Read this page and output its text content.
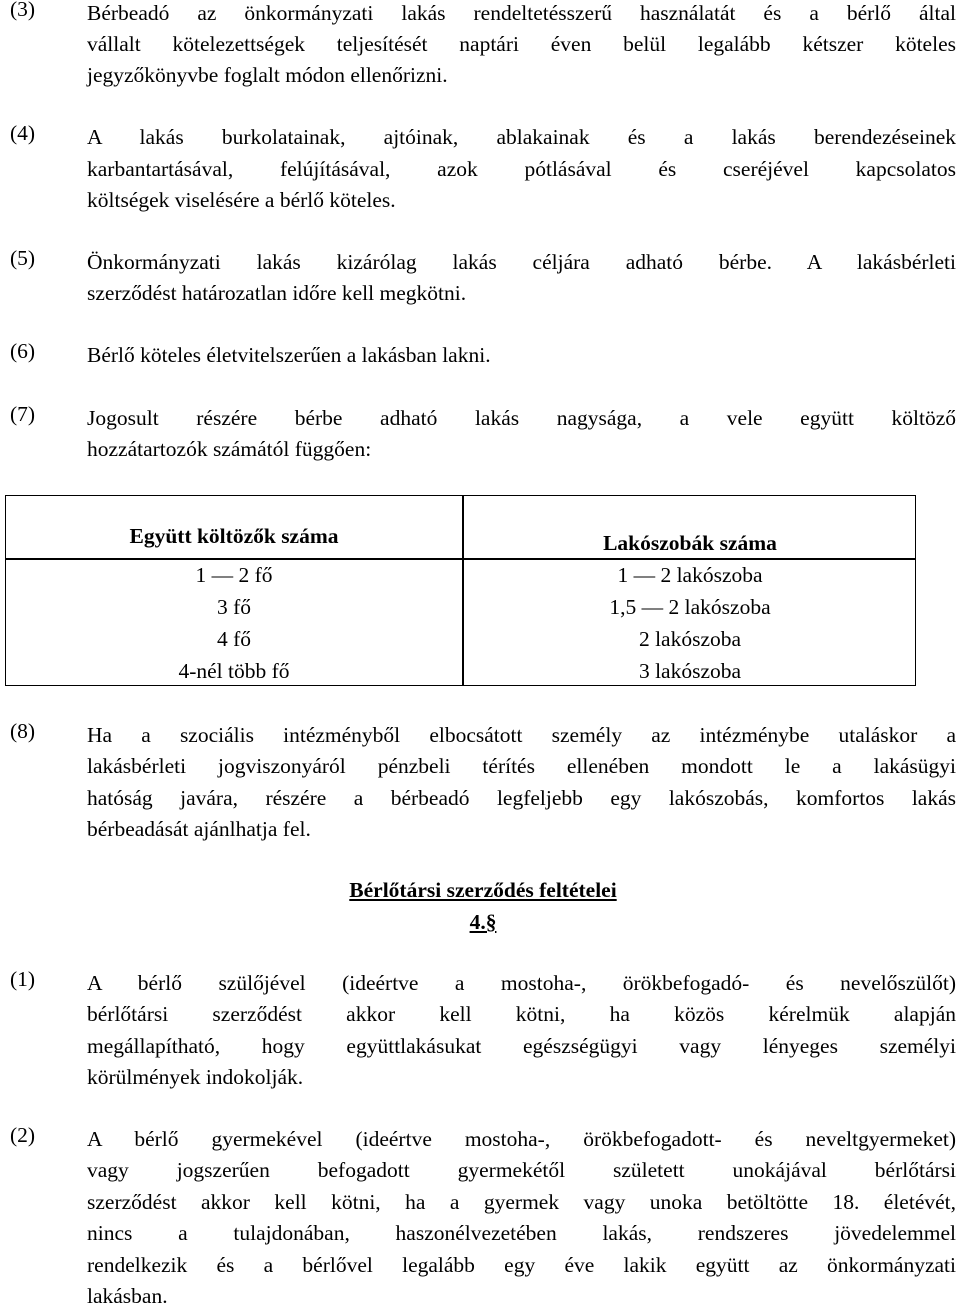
(3)	Bérbeadó az önkormányzati lakás rendeltetésszerű használatát és a bérlő által
vállalt kötelezettségek teljesítését naptári éven belül legalább kétszer köteles
jegyzőkönyvbe foglalt módon ellenőrizni.
(4)	A lakás burkolatainak, ajtóinak, ablakainak és a lakás berendezéseinek
karbantartásával, felújításával, azok pótlásával és cseréjével kapcsolatos
költségek viselésére a bérlő köteles.
(5)	Önkormányzati lakás kizárólag lakás céljára adható bérbe. A lakásbérleti
szerződést határozatlan időre kell megkötni.
(6)	Bérlő köteles életvitelszerűen a lakásban lakni.
(7)	Jogosult részére bérbe adható lakás nagysága, a vele együtt költöző
hozzátartozók számától függően:
Együtt költözők száma	Lakószobák száma
1 — 2 fő	1 — 2 lakószoba
3 fő	1,5 — 2 lakószoba
4 fő	2 lakószoba
4-nél több fő	3 lakószoba
(8)	Ha a szociális intézményből elbocsátott személy az intézménybe utaláskor a
lakásbérleti jogviszonyáról pénzbeli térítés ellenében mondott le a lakásügyi
hatóság javára, részére a bérbeadó legfeljebb egy lakószobás, komfortos lakás
bérbeadását ajánlhatja fel.
Bérlőtársi szerződés feltételei
4.§
(1)	A bérlő szülőjével (ideértve a mostoha-, örökbefogadó- és nevelőszülőt)
bérlőtársi szerződést akkor kell kötni, ha közös kérelmük alapján
megállapítható, hogy együttlakásukat egészségügyi vagy lényeges személyi
körülmények indokolják.
(2)	A bérlő gyermekével (ideértve mostoha-, örökbefogadott- és neveltgyermeket)
vagy jogszerűen befogadott gyermekétől született unokájával bérlőtársi
szerződést akkor kell kötni, ha a gyermek vagy unoka betöltötte 18. életévét,
nincs a tulajdonában, haszonélvezetében lakás, rendszeres jövedelemmel
rendelkezik és a bérlővel legalább egy éve lakik együtt az önkormányzati
lakásban.
